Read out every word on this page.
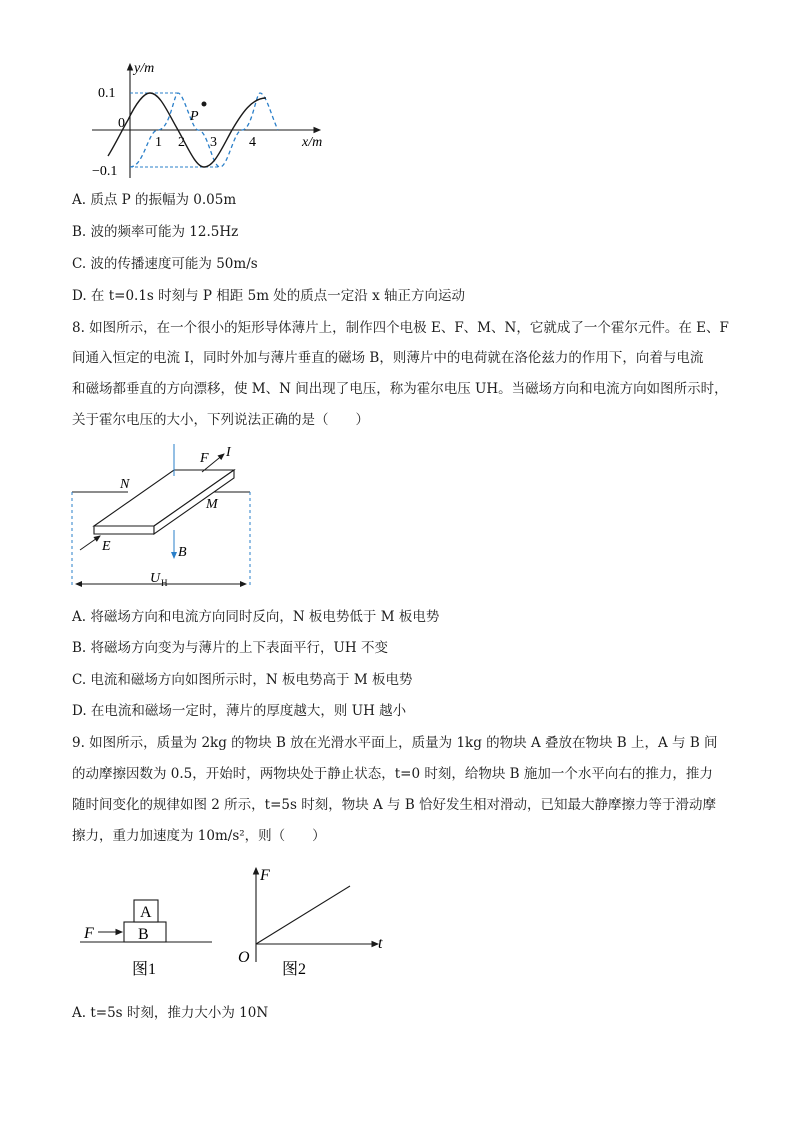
y/m
x/m
0.1
−0.1
0
1 2 3 4
P
A. 质点 P 的振幅为 0.05m
B. 波的频率可能为 12.5Hz
C. 波的传播速度可能为 50m/s
D. 在 t=0.1s 时刻与 P 相距 5m 处的质点一定沿 x 轴正方向运动
8. 如图所示，在一个很小的矩形导体薄片上，制作四个电极 E、F、M、N，它就成了一个霍尔元件。在 E、F
间通入恒定的电流 I，同时外加与薄片垂直的磁场 B，则薄片中的电荷就在洛伦兹力的作用下，向着与电流
和磁场都垂直的方向漂移，使 M、N 间出现了电压，称为霍尔电压 UH。当磁场方向和电流方向如图所示时，
关于霍尔电压的大小，下列说法正确的是（　　）
F I
N
M
E	B
U H
A. 将磁场方向和电流方向同时反向，N 板电势低于 M 板电势
B. 将磁场方向变为与薄片的上下表面平行，UH 不变
C. 电流和磁场方向如图所示时，N 板电势高于 M 板电势
D. 在电流和磁场一定时，薄片的厚度越大，则 UH 越小
9. 如图所示，质量为 2kg 的物块 B 放在光滑水平面上，质量为 1kg 的物块 A 叠放在物块 B 上，A 与 B 间
的动摩擦因数为 0.5，开始时，两物块处于静止状态，t=0 时刻，给物块 B 施加一个水平向右的推力，推力
随时间变化的规律如图 2 所示，t=5s 时刻，物块 A 与 B 恰好发生相对滑动，已知最大静摩擦力等于滑动摩
擦力，重力加速度为 10m/s²，则（　　）
A
B
F
图1
F
t
O
图2
A. t=5s 时刻，推力大小为 10N
